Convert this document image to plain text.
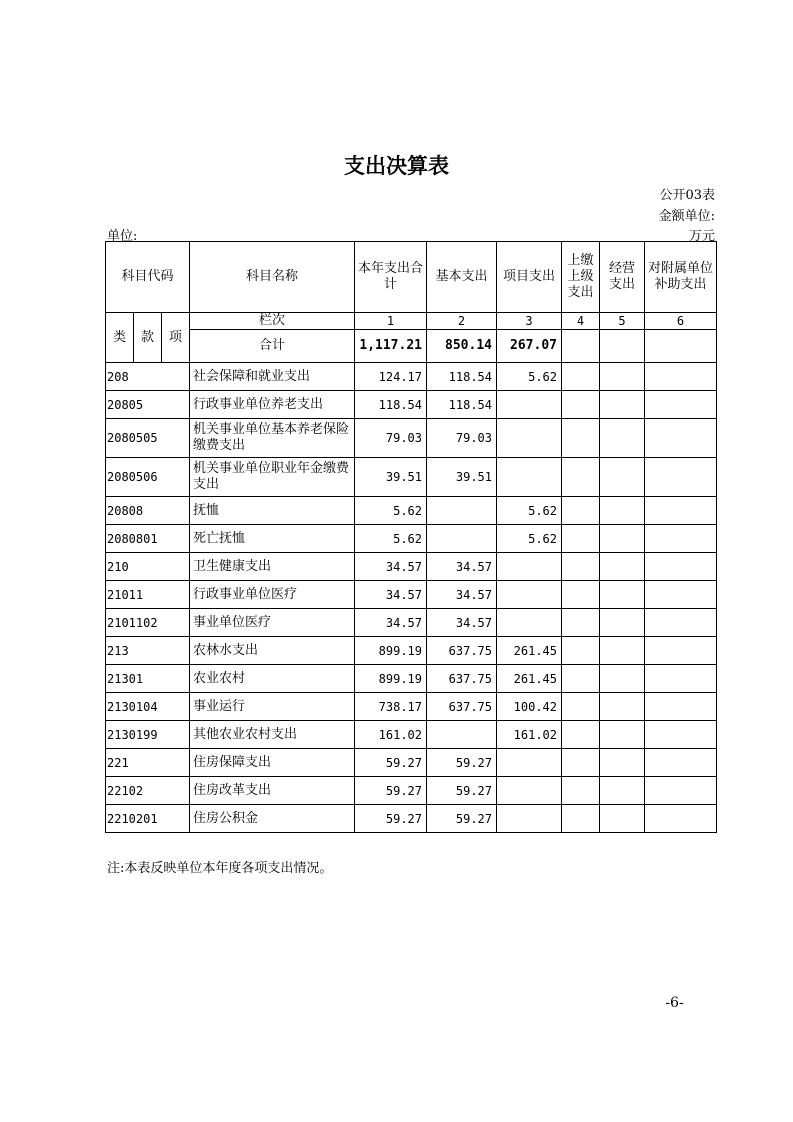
支出决算表
公开03表
金额单位:
单位:	万元
科目代码			科目名称	本年支出合计	基本支出	项目支出	上缴上级支出	经营支出	对附属单位补助支出
类	款	项	栏次	1	2	3	4	5	6
			合计	1,117.21	850.14	267.07			
208			社会保障和就业支出	124.17	118.54	5.62			
20805			行政事业单位养老支出	118.54	118.54				
2080505			机关事业单位基本养老保险缴费支出	79.03	79.03				
2080506			机关事业单位职业年金缴费支出	39.51	39.51				
20808			抚恤	5.62		5.62			
2080801			死亡抚恤	5.62		5.62			
210			卫生健康支出	34.57	34.57				
21011			行政事业单位医疗	34.57	34.57				
2101102			事业单位医疗	34.57	34.57				
213			农林水支出	899.19	637.75	261.45			
21301			农业农村	899.19	637.75	261.45			
2130104			事业运行	738.17	637.75	100.42			
2130199			其他农业农村支出	161.02		161.02			
221			住房保障支出	59.27	59.27				
22102			住房改革支出	59.27	59.27				
2210201			住房公积金	59.27	59.27				
注:本表反映单位本年度各项支出情况。
-6-
